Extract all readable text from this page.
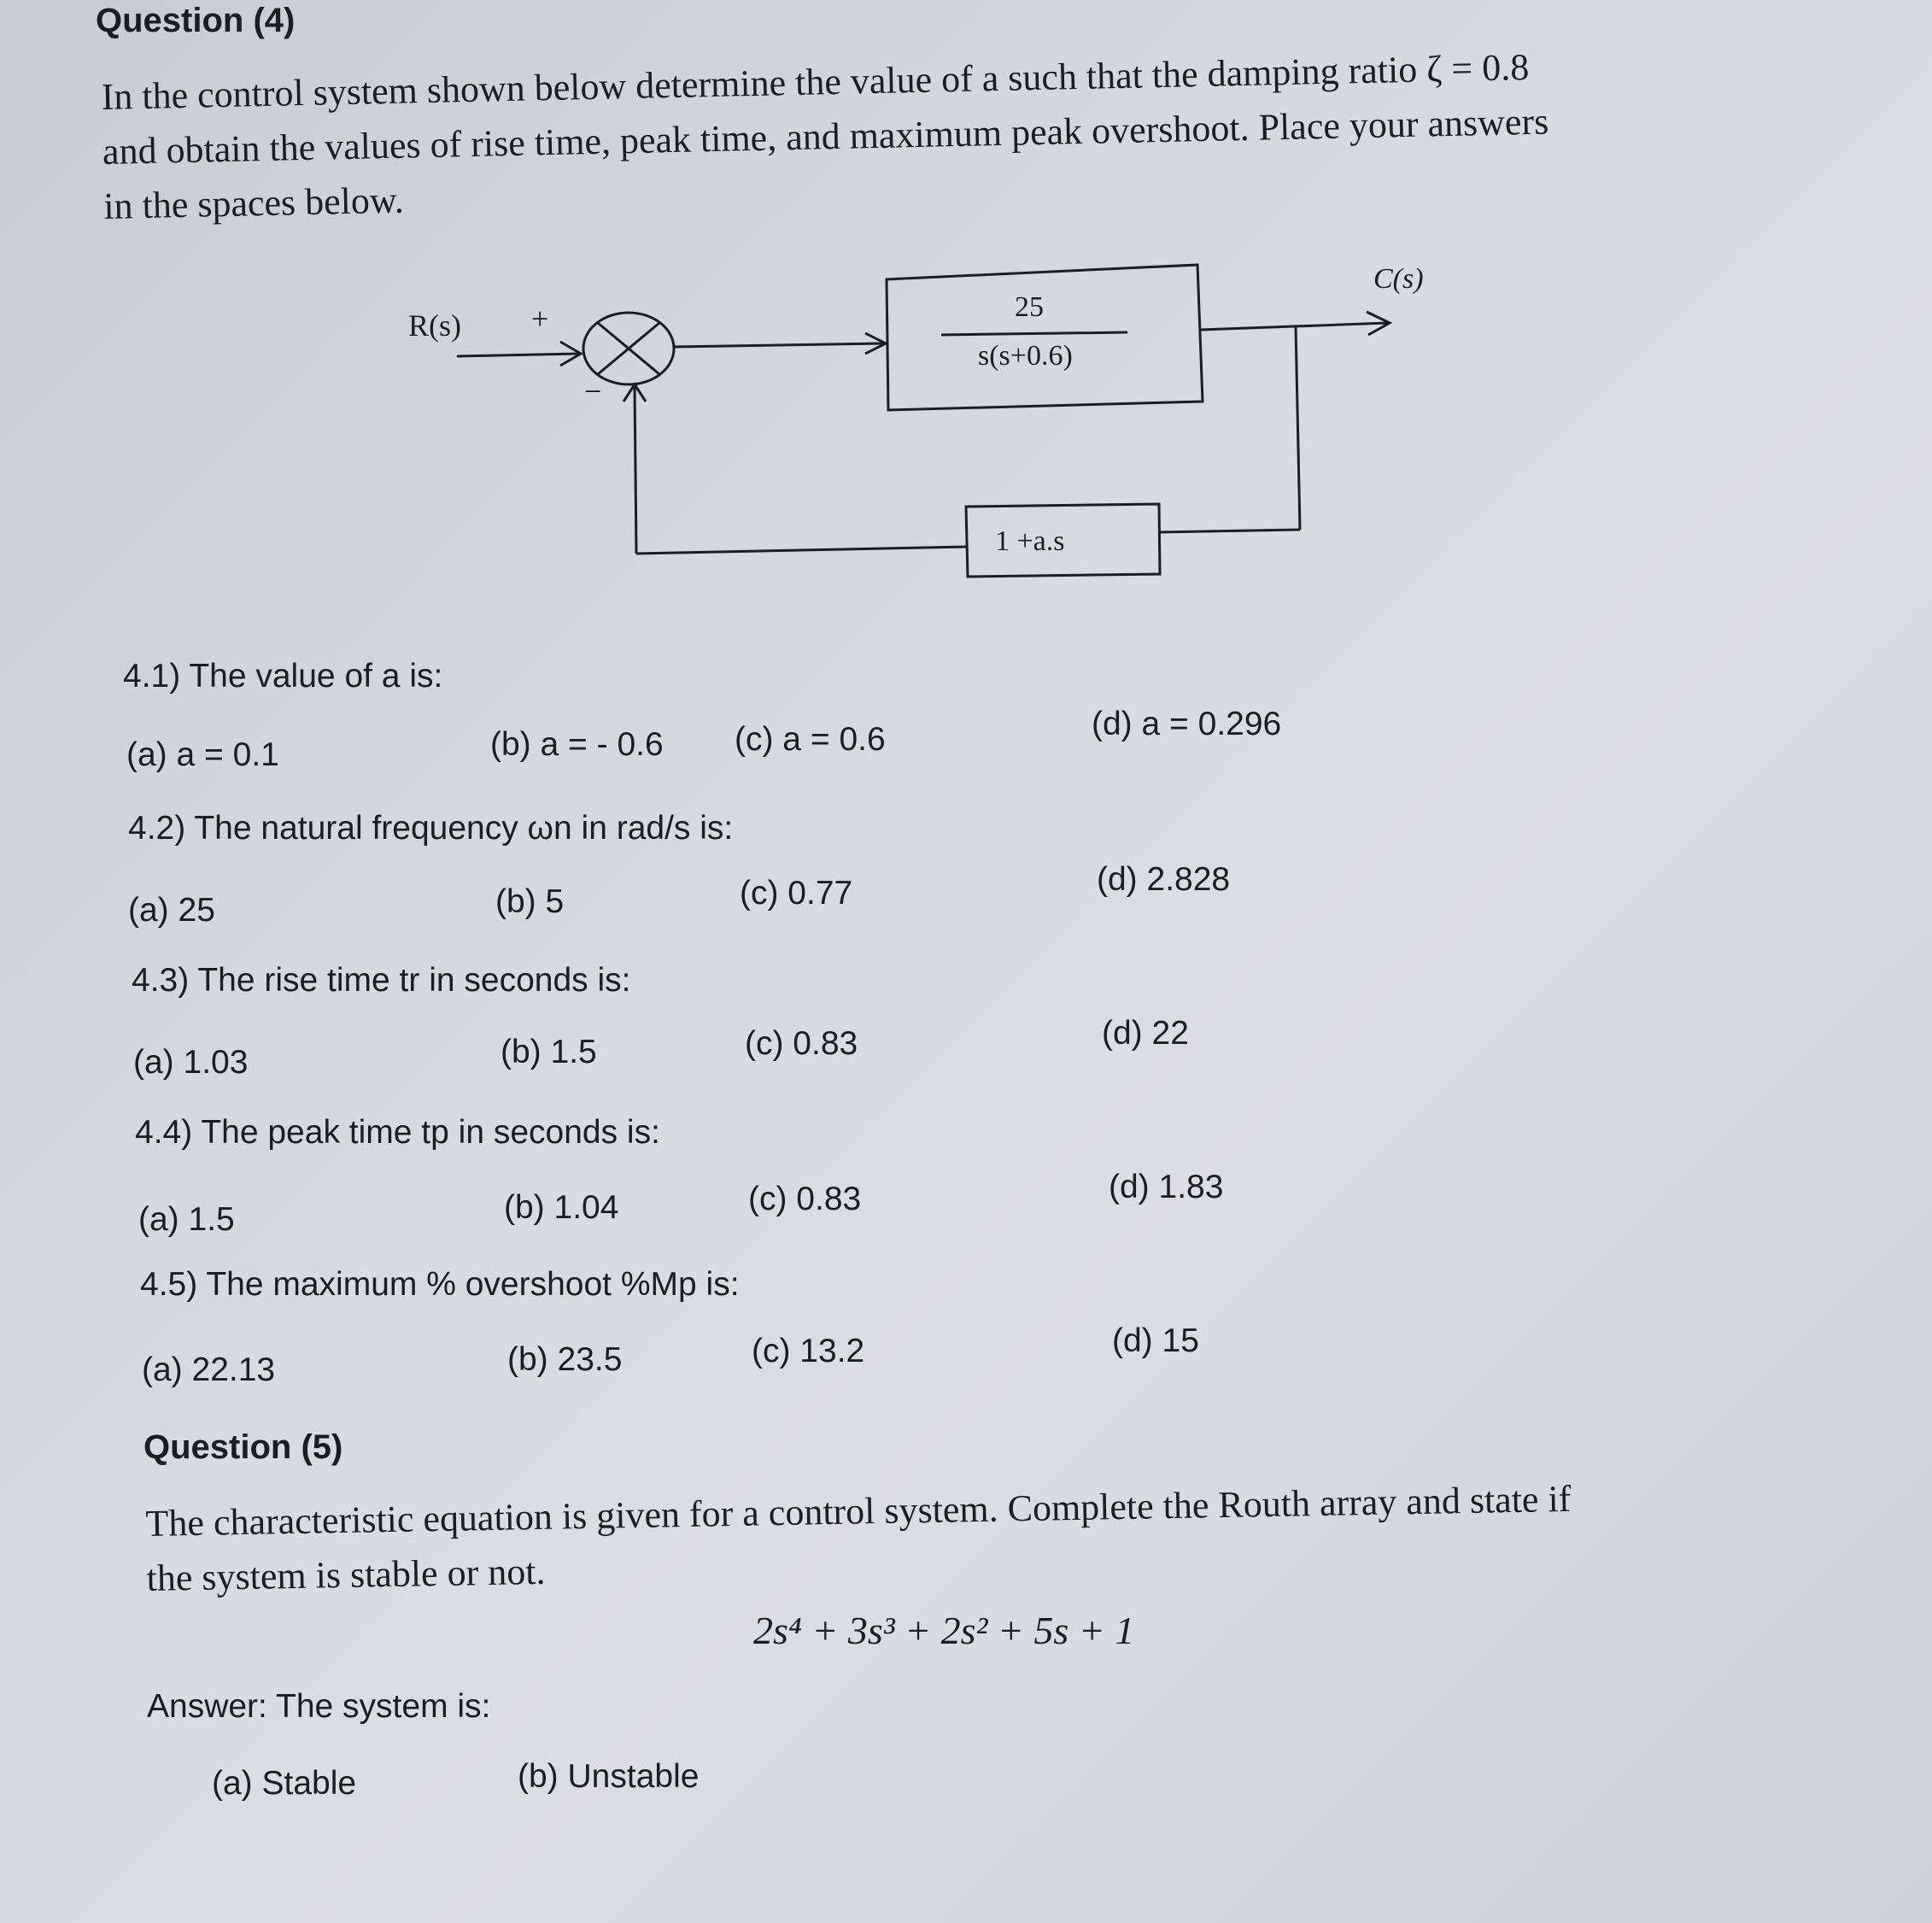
Question (4)
In the control system shown below determine the value of a such that the damping ratio ζ = 0.8
and obtain the values of rise time, peak time, and maximum peak overshoot. Place your answers
in the spaces below.
R(s) +
−
25
s(s+0.6)
1 +a.s
C(s)
4.1) The value of a is:
(a) a = 0.1	(b) a = - 0.6 (c) a = 0.6	(d) a = 0.296
4.2) The natural frequency ωn in rad/s is:
(a) 25	(b) 5	(c) 0.77	(d) 2.828
4.3) The rise time tr in seconds is:
(a) 1.03	(b) 1.5	(c) 0.83	(d) 22
4.4) The peak time tp in seconds is:
(a) 1.5	(b) 1.04	(c) 0.83	(d) 1.83
4.5) The maximum % overshoot %Mp is:
(a) 22.13	(b) 23.5	(c) 13.2	(d) 15
Question (5)
The characteristic equation is given for a control system. Complete the Routh array and state if
the system is stable or not.
2s⁴ + 3s³ + 2s² + 5s + 1
Answer: The system is:
(a) Stable	(b) Unstable
